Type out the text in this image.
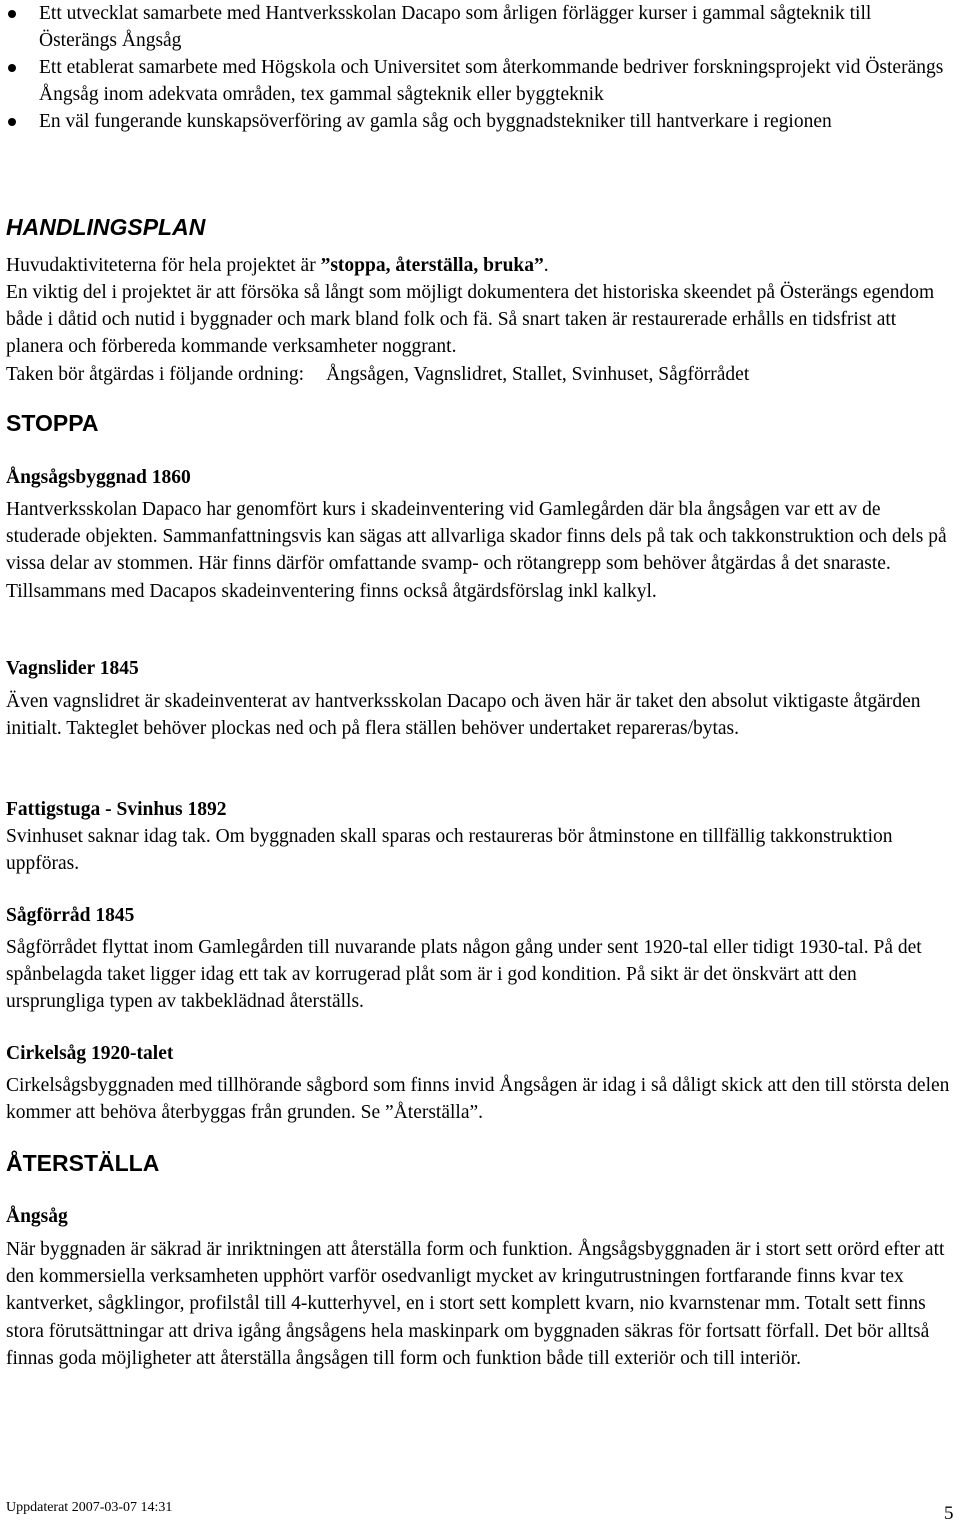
Ett utvecklat samarbete med Hantverksskolan Dacapo som årligen förlägger kurser i gammal sågteknik till Österängs Ångsåg
Ett etablerat samarbete med Högskola och Universitet som återkommande bedriver forskningsprojekt vid Österängs Ångsåg inom adekvata områden, tex gammal sågteknik eller byggteknik
En väl fungerande kunskapsöverföring av gamla såg och byggnadstekniker till hantverkare i regionen
HANDLINGSPLAN

Huvudaktiviteterna för hela projektet är ”stoppa, återställa, bruka”.

En viktig del i projektet är att försöka så långt som möjligt dokumentera det historiska skeendet på Österängs egendom både i dåtid och nutid i byggnader och mark bland folk och fä. Så snart taken är restaurerade erhålls en tidsfrist att planera och förbereda kommande verksamheter noggrant.

Taken bör åtgärdas i följande ordning: Ångsågen, Vagnslidret, Stallet, Svinhuset, Sågförrådet

STOPPA
Ångsågsbyggnad 1860

Hantverksskolan Dapaco har genomfört kurs i skadeinventering vid Gamlegården där bla ångsågen var ett av de studerade objekten. Sammanfattningsvis kan sägas att allvarliga skador finns dels på tak och takkonstruktion och dels på vissa delar av stommen. Här finns därför omfattande svamp- och rötangrepp som behöver åtgärdas å det snaraste. Tillsammans med Dacapos skadeinventering finns också åtgärdsförslag inkl kalkyl.

Vagnslider 1845

Även vagnslidret är skadeinventerat av hantverksskolan Dacapo och även här är taket den absolut viktigaste åtgärden initialt. Takteglet behöver plockas ned och på flera ställen behöver undertaket repareras/bytas.

Fattigstuga - Svinhus 1892

Svinhuset saknar idag tak. Om byggnaden skall sparas och restaureras bör åtminstone en tillfällig takkonstruktion uppföras.

Sågförråd 1845

Sågförrådet flyttat inom Gamlegården till nuvarande plats någon gång under sent 1920-tal eller tidigt 1930-tal. På det spånbelagda taket ligger idag ett tak av korrugerad plåt som är i god kondition. På sikt är det önskvärt att den ursprungliga typen av takbeklädnad återställs.

Cirkelsåg 1920-talet

Cirkelsågsbyggnaden med tillhörande sågbord som finns invid Ångsågen är idag i så dåligt skick att den till största delen kommer att behöva återbyggas från grunden. Se ”Återställa”.

ÅTERSTÄLLA
Ångsåg

När byggnaden är säkrad är inriktningen att återställa form och funktion. Ångsågsbyggnaden är i stort sett orörd efter att den kommersiella verksamheten upphört varför osedvanligt mycket av kringutrustningen fortfarande finns kvar tex kantverket, sågklingor, profilstål till 4-kutterhyvel, en i stort sett komplett kvarn, nio kvarnstenar mm. Totalt sett finns stora förutsättningar att driva igång ångsågens hela maskinpark om byggnaden säkras för fortsatt förfall. Det bör alltså finnas goda möjligheter att återställa ångsågen till form och funktion både till exteriör och till interiör.

Uppdaterat 2007-03-07 14:31	5
